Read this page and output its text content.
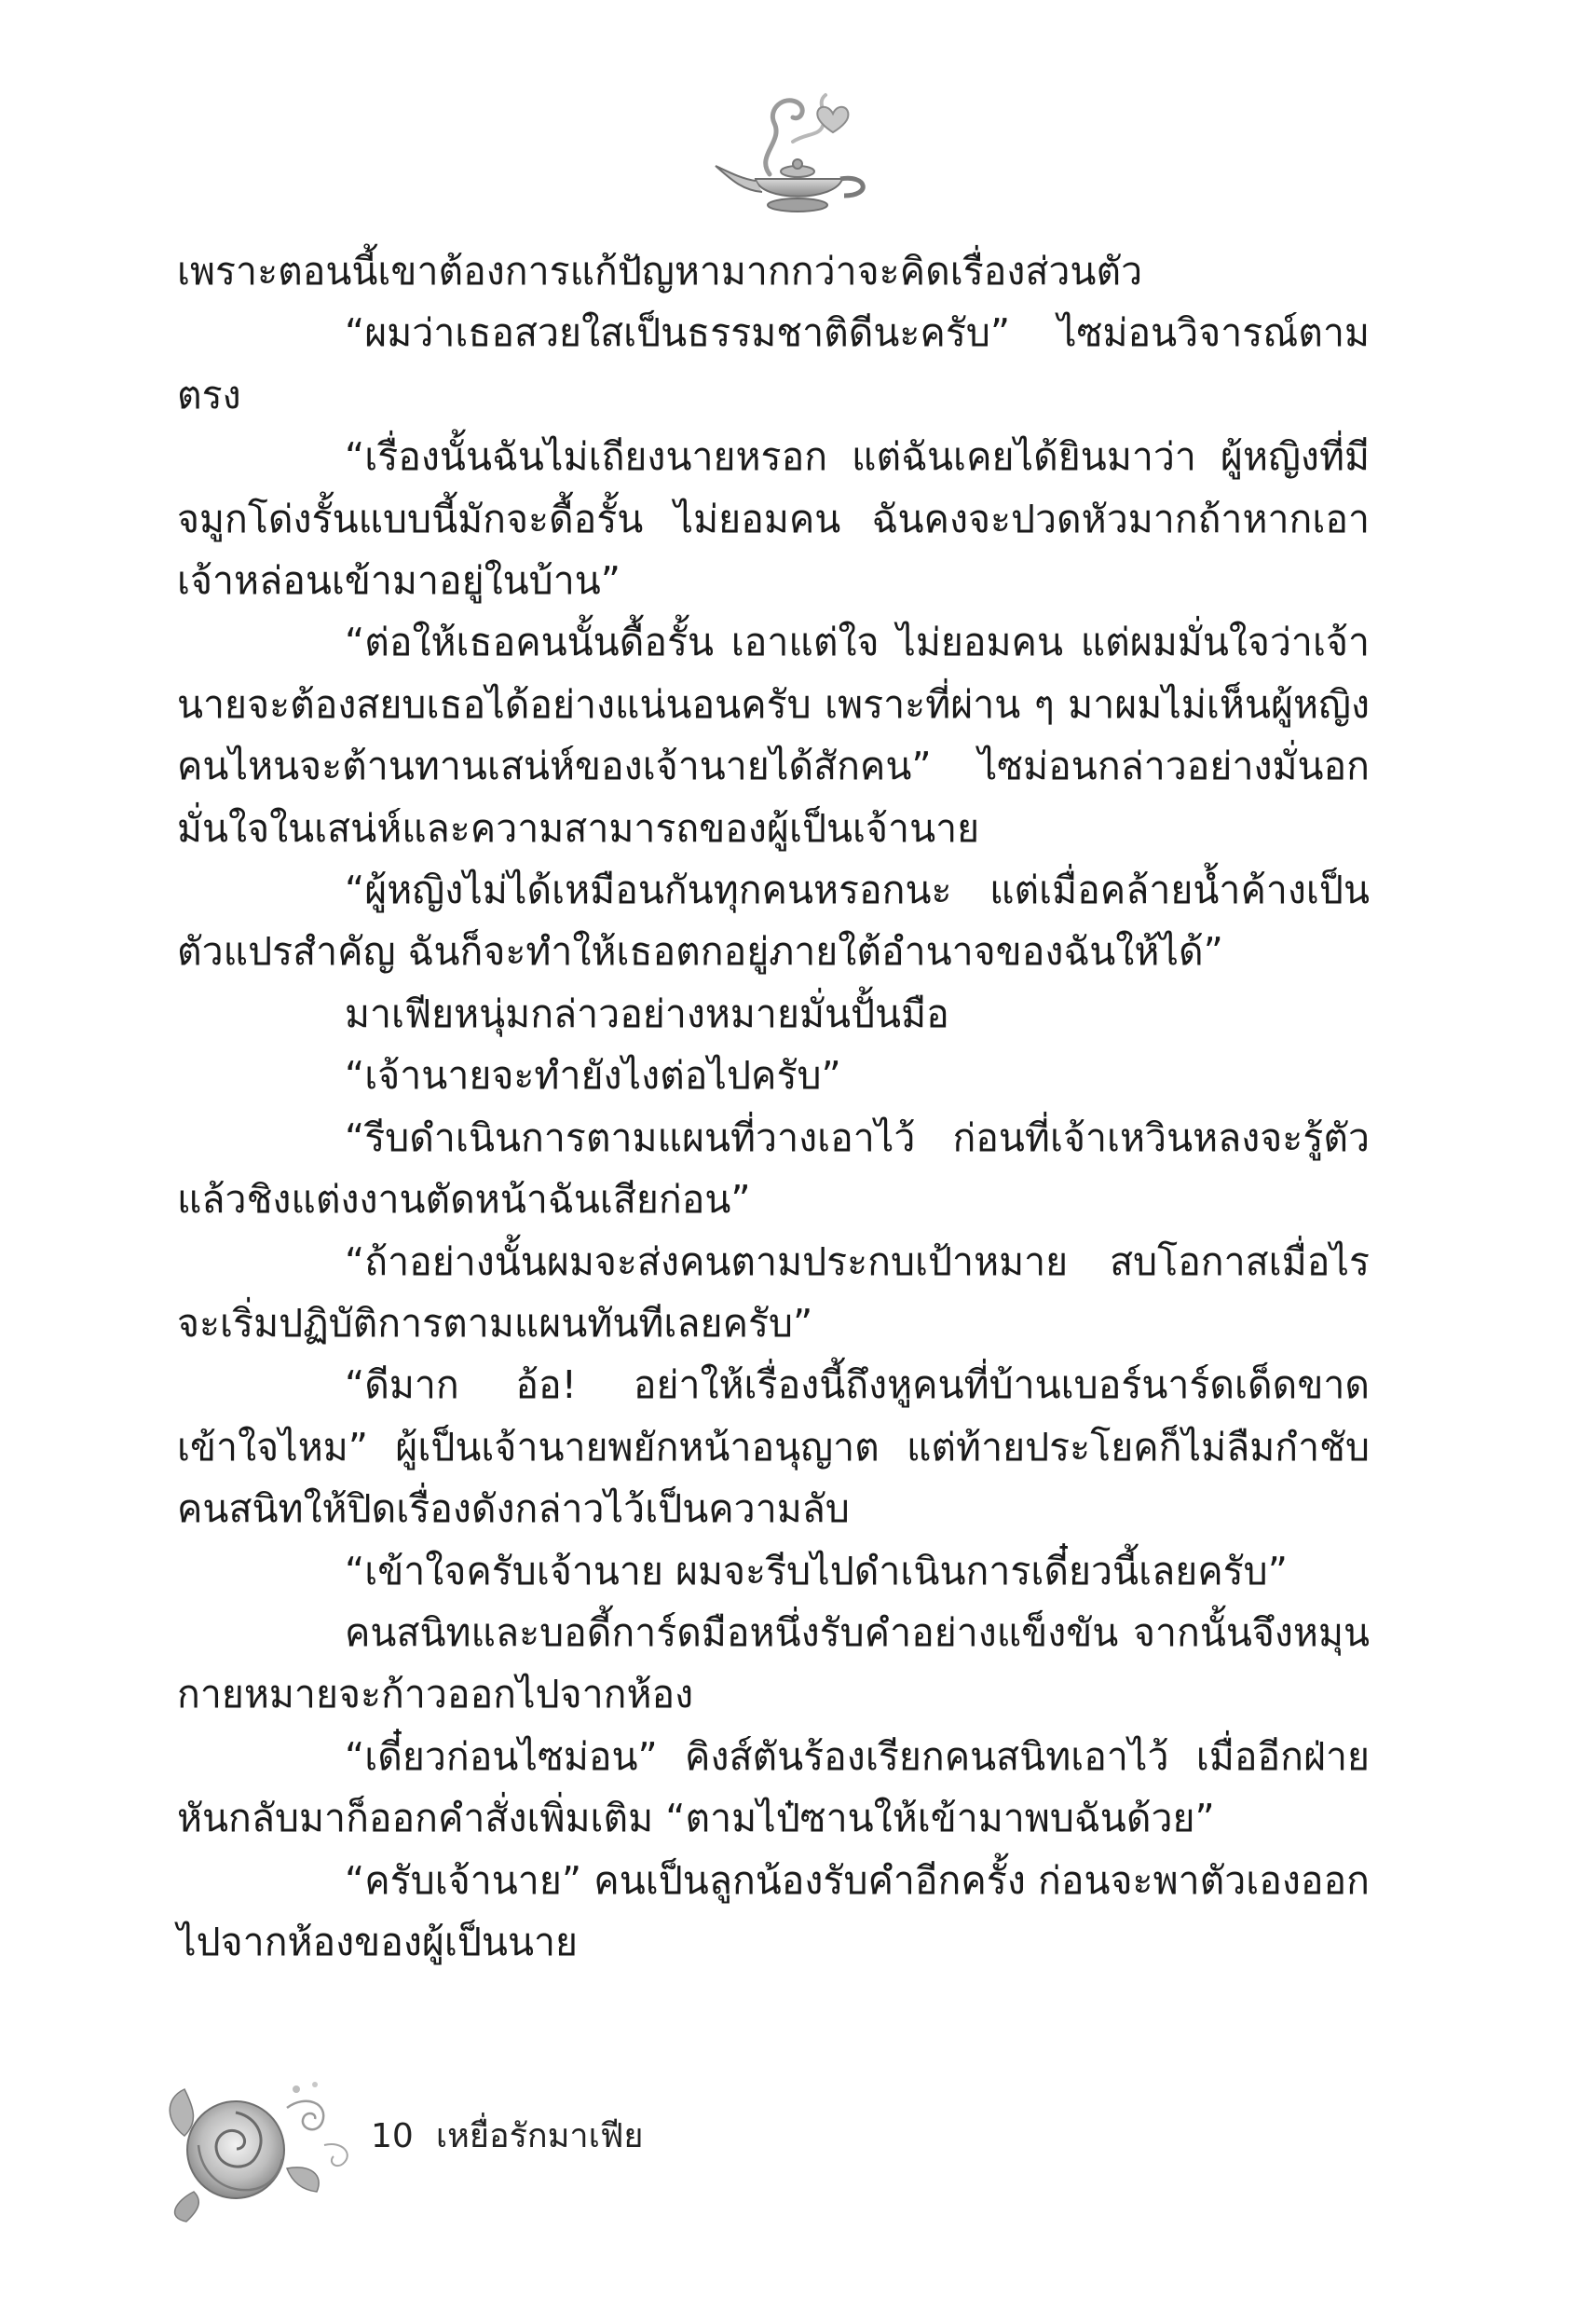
เพราะตอนนี้เขาต้องการแก้ปัญหามากกว่าจะคิดเรื่องส่วนตัว

“ผมว่าเธอสวยใสเป็นธรรมชาติดีนะครับ” ไซม่อนวิจารณ์ตามตรง

“เรื่องนั้นฉันไม่เถียงนายหรอก แต่ฉันเคยได้ยินมาว่า ผู้หญิงที่มีจมูกโด่งรั้นแบบนี้มักจะดื้อรั้น ไม่ยอมคน ฉันคงจะปวดหัวมากถ้าหากเอาเจ้าหล่อนเข้ามาอยู่ในบ้าน”

“ต่อให้เธอคนนั้นดื้อรั้น เอาแต่ใจ ไม่ยอมคน แต่ผมมั่นใจว่าเจ้านายจะต้องสยบเธอได้อย่างแน่นอนครับ เพราะที่ผ่าน ๆ มาผมไม่เห็นผู้หญิงคนไหนจะต้านทานเสน่ห์ของเจ้านายได้สักคน” ไซม่อนกล่าวอย่างมั่นอกมั่นใจในเสน่ห์และความสามารถของผู้เป็นเจ้านาย

“ผู้หญิงไม่ได้เหมือนกันทุกคนหรอกนะ แต่เมื่อคล้ายน้ำค้างเป็นตัวแปรสำคัญ ฉันก็จะทำให้เธอตกอยู่ภายใต้อำนาจของฉันให้ได้”

มาเฟียหนุ่มกล่าวอย่างหมายมั่นปั้นมือ

“เจ้านายจะทำยังไงต่อไปครับ”

“รีบดำเนินการตามแผนที่วางเอาไว้ ก่อนที่เจ้าเหวินหลงจะรู้ตัวแล้วชิงแต่งงานตัดหน้าฉันเสียก่อน”

“ถ้าอย่างนั้นผมจะส่งคนตามประกบเป้าหมาย สบโอกาสเมื่อไรจะเริ่มปฏิบัติการตามแผนทันทีเลยครับ”

“ดีมาก อ้อ! อย่าให้เรื่องนี้ถึงหูคนที่บ้านเบอร์นาร์ดเด็ดขาดเข้าใจไหม” ผู้เป็นเจ้านายพยักหน้าอนุญาต แต่ท้ายประโยคก็ไม่ลืมกำชับคนสนิทให้ปิดเรื่องดังกล่าวไว้เป็นความลับ

“เข้าใจครับเจ้านาย ผมจะรีบไปดำเนินการเดี๋ยวนี้เลยครับ”

คนสนิทและบอดี้การ์ดมือหนึ่งรับคำอย่างแข็งขัน จากนั้นจึงหมุนกายหมายจะก้าวออกไปจากห้อง

“เดี๋ยวก่อนไซม่อน” คิงส์ตันร้องเรียกคนสนิทเอาไว้ เมื่ออีกฝ่ายหันกลับมาก็ออกคำสั่งเพิ่มเติม “ตามไป๋ซานให้เข้ามาพบฉันด้วย”

“ครับเจ้านาย” คนเป็นลูกน้องรับคำอีกครั้ง ก่อนจะพาตัวเองออกไปจากห้องของผู้เป็นนาย

10 เหยื่อรักมาเฟีย
